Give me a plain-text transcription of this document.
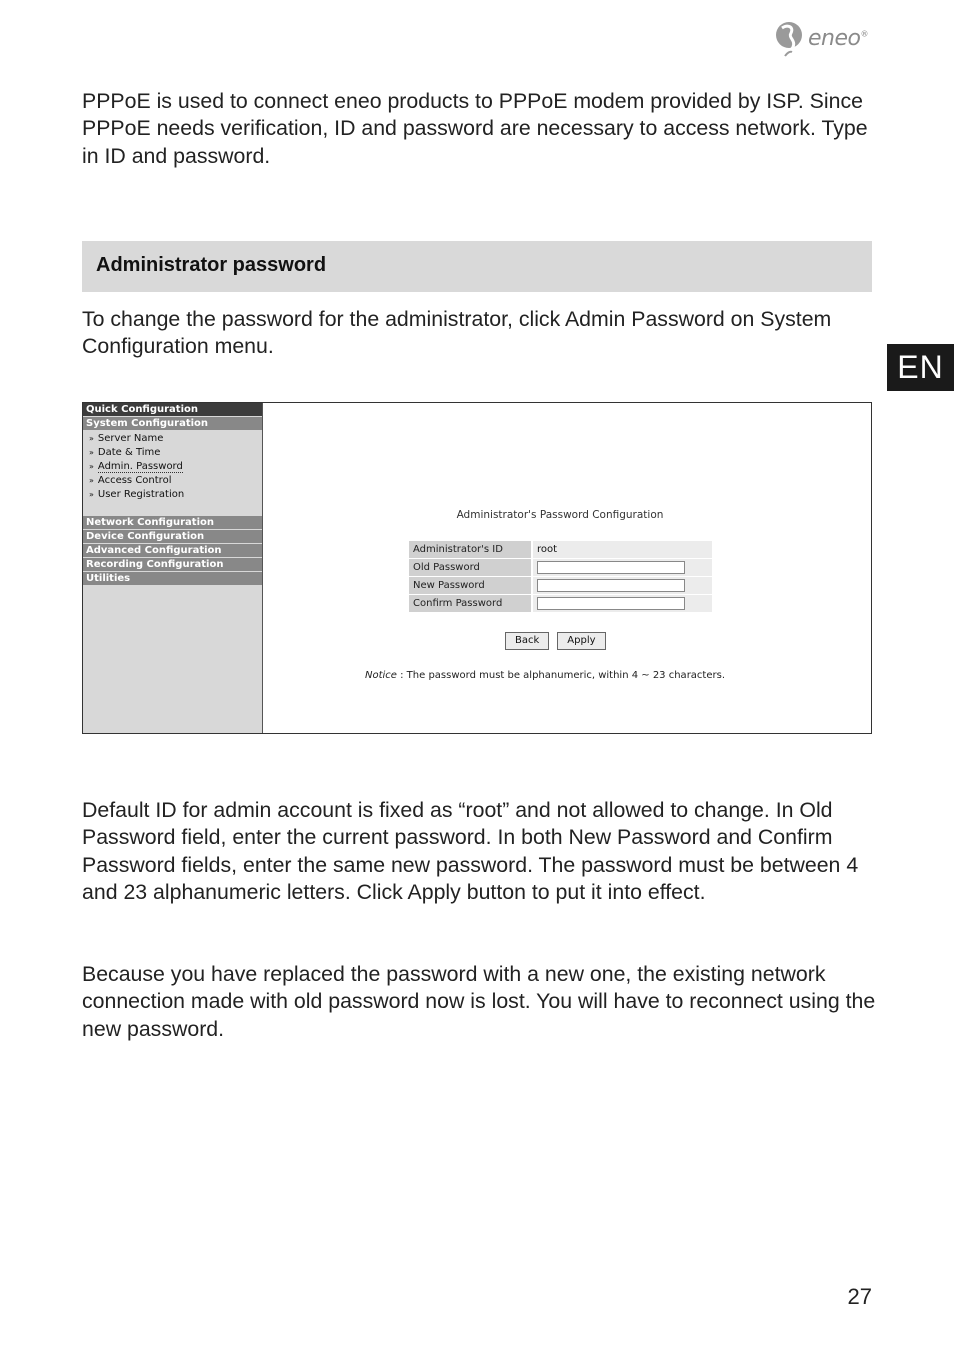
eneo®

PPPoE is used to connect eneo products to PPPoE modem provided by ISP. Since PPPoE needs verification, ID and password are necessary to access network. Type in ID and password.

Administrator password

To change the password for the administrator, click Admin Password on System Configuration menu.

EN
Quick Configuration
System Configuration
» Server Name
» Date & Time
» Admin. Password
» Access Control
» User Registration
Network Configuration
Device Configuration
Advanced Configuration
Recording Configuration
Utilities
Administrator's Password Configuration
Administrator's ID	root
Old Password
New Password
Confirm Password
Back	Apply
Notice : The password must be alphanumeric, within 4 ~ 23 characters.

Default ID for admin account is fixed as “root” and not allowed to change. In Old Password field, enter the current password. In both New Password and Confirm Password fields, enter the same new password. The password must be between 4 and 23 alphanumeric letters. Click Apply button to put it into effect.

Because you have replaced the password with a new one, the existing network connection made with old password now is lost. You will have to reconnect using the new password.

27
